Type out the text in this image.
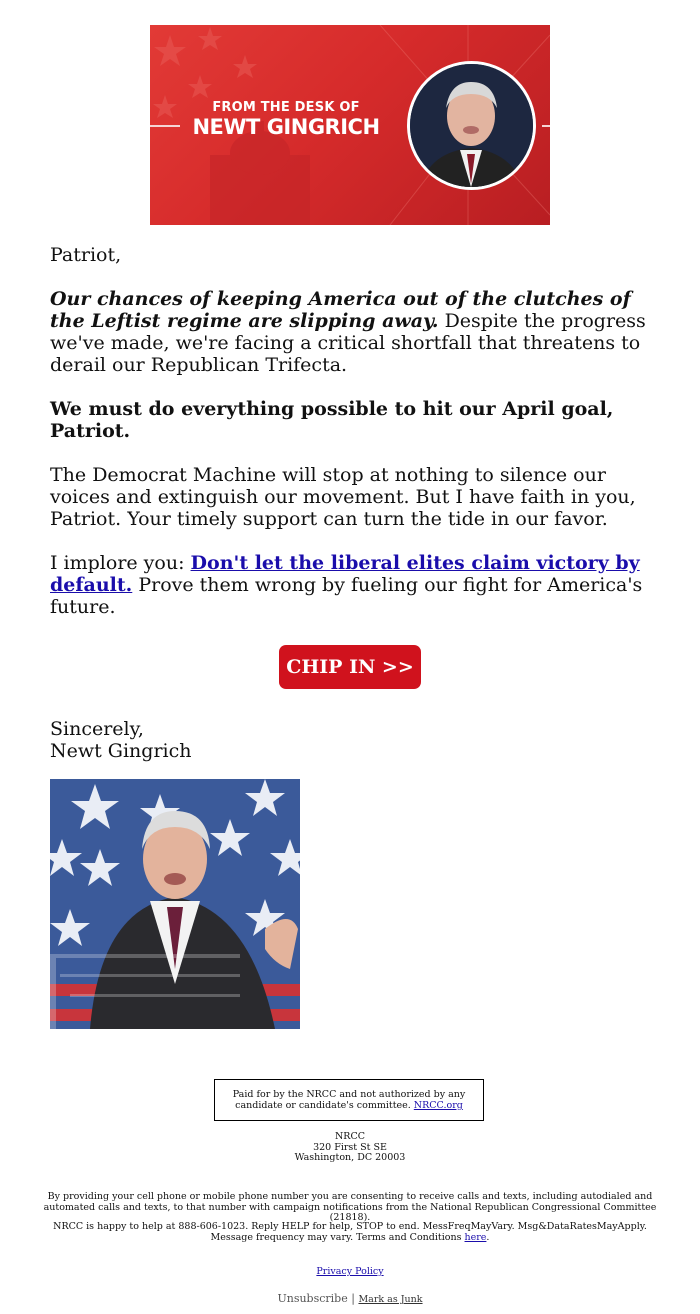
FROM THE DESK OF
NEWT GINGRICH
Patriot,
Our chances of keeping America out of the clutches of the Leftist regime are slipping away. Despite the progress we've made, we're facing a critical shortfall that threatens to derail our Republican Trifecta.
We must do everything possible to hit our April goal, Patriot.
The Democrat Machine will stop at nothing to silence our voices and extinguish our movement. But I have faith in you, Patriot. Your timely support can turn the tide in our favor.
I implore you: Don't let the liberal elites claim victory by default. Prove them wrong by fueling our fight for America's future.
CHIP IN >>
Sincerely,
Newt Gingrich
Paid for by the NRCC and not authorized by any candidate or candidate's committee. NRCC.org
NRCC
320 First St SE
Washington, DC 20003
By providing your cell phone or mobile phone number you are consenting to receive calls and texts, including autodialed and automated calls and texts, to that number with campaign notifications from the National Republican Congressional Committee (21818).
NRCC is happy to help at 888-606-1023. Reply HELP for help, STOP to end. MessFreqMayVary. Msg&DataRatesMayApply. Message frequency may vary. Terms and Conditions here.
Privacy Policy
Unsubscribe | Mark as Junk
